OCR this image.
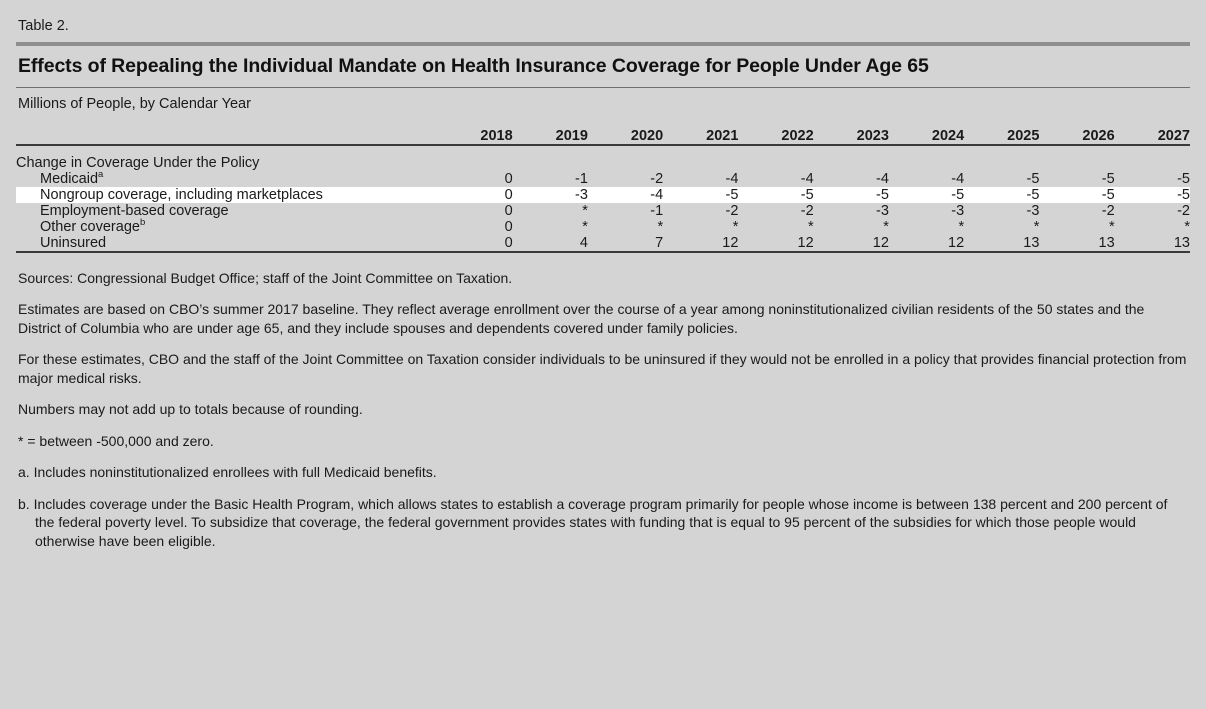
Table 2.
Effects of Repealing the Individual Mandate on Health Insurance Coverage for People Under Age 65
Millions of People, by Calendar Year
	2018	2019	2020	2021	2022	2023	2024	2025	2026	2027

Change in Coverage Under the Policy										
Medicaid$^a$	0	-1	-2	-4	-4	-4	-4	-5	-5	-5
Nongroup coverage, including marketplaces	0	-3	-4	-5	-5	-5	-5	-5	-5	-5
Employment-based coverage	0	*	-1	-2	-2	-3	-3	-3	-2	-2
Other coverage$^b$	0	*	*	*	*	*	*	*	*	*
Uninsured	0	4	7	12	12	12	12	13	13	13

Sources: Congressional Budget Office; staff of the Joint Committee on Taxation.

Estimates are based on CBO’s summer 2017 baseline. They reflect average enrollment over the course of a year among noninstitutionalized civilian residents of the 50 states and the District of Columbia who are under age 65, and they include spouses and dependents covered under family policies.

For these estimates, CBO and the staff of the Joint Committee on Taxation consider individuals to be uninsured if they would not be enrolled in a policy that provides financial protection from major medical risks.

Numbers may not add up to totals because of rounding.

* = between -500,000 and zero.

a. Includes noninstitutionalized enrollees with full Medicaid benefits.

b. Includes coverage under the Basic Health Program, which allows states to establish a coverage program primarily for people whose income is between 138 percent and 200 percent of the federal poverty level. To subsidize that coverage, the federal government provides states with funding that is equal to 95 percent of the subsidies for which those people would otherwise have been eligible.
